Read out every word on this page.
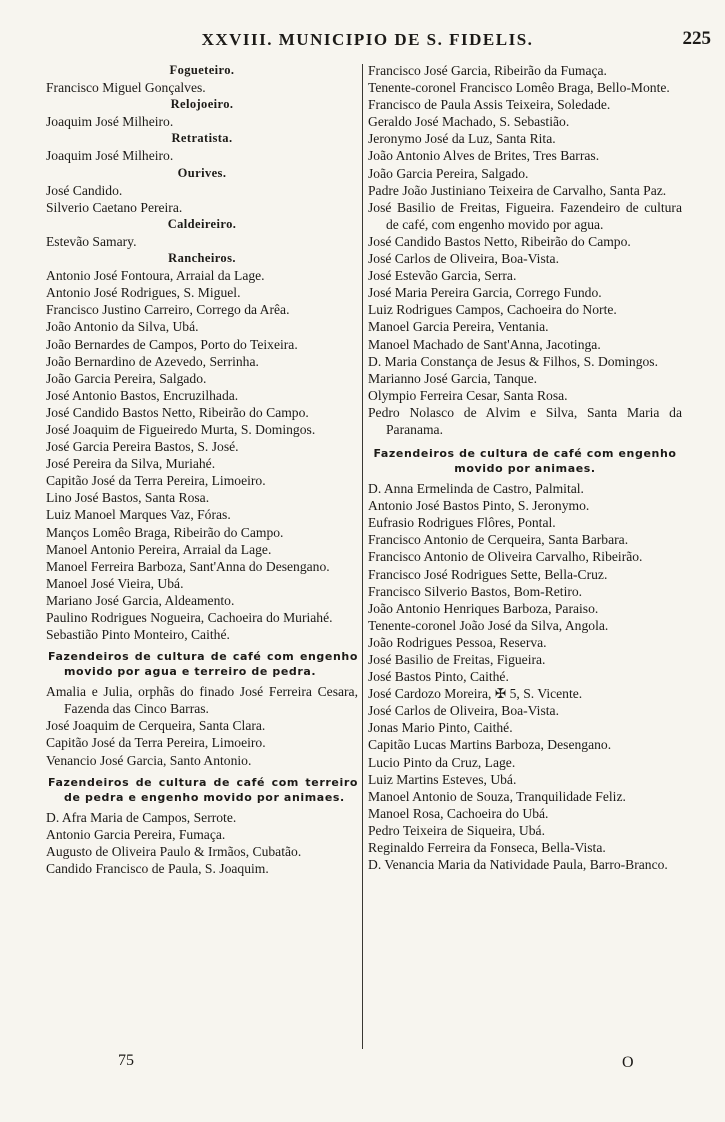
XXVIII. MUNICIPIO DE S. FIDELIS.	225
Fogueteiro.
Francisco Miguel Gonçalves.
Relojoeiro.
Joaquim José Milheiro.
Retratista.
Joaquim José Milheiro.
Ourives.
José Candido.
Silverio Caetano Pereira.
Caldeireiro.
Estevão Samary.
Rancheiros.
Antonio José Fontoura, Arraial da Lage.
Antonio José Rodrigues, S. Miguel.
Francisco Justino Carreiro, Corrego da Arêa.
João Antonio da Silva, Ubá.
João Bernardes de Campos, Porto do Teixeira.
João Bernardino de Azevedo, Serrinha.
João Garcia Pereira, Salgado.
José Antonio Bastos, Encruzilhada.
José Candido Bastos Netto, Ribeirão do Campo.
José Joaquim de Figueiredo Murta, S. Domingos.
José Garcia Pereira Bastos, S. José.
José Pereira da Silva, Muriahé.
Capitão José da Terra Pereira, Limoeiro.
Lino José Bastos, Santa Rosa.
Luiz Manoel Marques Vaz, Fóras.
Manços Lomêo Braga, Ribeirão do Campo.
Manoel Antonio Pereira, Arraial da Lage.
Manoel Ferreira Barboza, Sant'Anna do Desengano.
Manoel José Vieira, Ubá.
Mariano José Garcia, Aldeamento.
Paulino Rodrigues Nogueira, Cachoeira do Muriahé.
Sebastião Pinto Monteiro, Caithé.
Fazendeiros de cultura de café com engenho movido por agua e terreiro de pedra.
Amalia e Julia, orphãs do finado José Ferreira Cesara, Fazenda das Cinco Barras.
José Joaquim de Cerqueira, Santa Clara.
Capitão José da Terra Pereira, Limoeiro.
Venancio José Garcia, Santo Antonio.
Fazendeiros de cultura de café com terreiro de pedra e engenho movido por animaes.
D. Afra Maria de Campos, Serrote.
Antonio Garcia Pereira, Fumaça.
Augusto de Oliveira Paulo & Irmãos, Cubatão.
Candido Francisco de Paula, S. Joaquim.
Francisco José Garcia, Ribeirão da Fumaça.
Tenente-coronel Francisco Lomêo Braga, Bello-Monte.
Francisco de Paula Assis Teixeira, Soledade.
Geraldo José Machado, S. Sebastião.
Jeronymo José da Luz, Santa Rita.
João Antonio Alves de Brites, Tres Barras.
João Garcia Pereira, Salgado.
Padre João Justiniano Teixeira de Carvalho, Santa Paz.
José Basilio de Freitas, Figueira. Fazendeiro de cultura de café, com engenho movido por agua.
José Candido Bastos Netto, Ribeirão do Campo.
José Carlos de Oliveira, Boa-Vista.
José Estevão Garcia, Serra.
José Maria Pereira Garcia, Corrego Fundo.
Luiz Rodrigues Campos, Cachoeira do Norte.
Manoel Garcia Pereira, Ventania.
Manoel Machado de Sant'Anna, Jacotinga.
D. Maria Constança de Jesus & Filhos, S. Domingos.
Marianno José Garcia, Tanque.
Olympio Ferreira Cesar, Santa Rosa.
Pedro Nolasco de Alvim e Silva, Santa Maria da Paranama.
Fazendeiros de cultura de café com engenho movido por animaes.
D. Anna Ermelinda de Castro, Palmital.
Antonio José Bastos Pinto, S. Jeronymo.
Eufrasio Rodrigues Flôres, Pontal.
Francisco Antonio de Cerqueira, Santa Barbara.
Francisco Antonio de Oliveira Carvalho, Ribeirão.
Francisco José Rodrigues Sette, Bella-Cruz.
Francisco Silverio Bastos, Bom-Retiro.
João Antonio Henriques Barboza, Paraiso.
Tenente-coronel João José da Silva, Angola.
João Rodrigues Pessoa, Reserva.
José Basilio de Freitas, Figueira.
José Bastos Pinto, Caithé.
José Cardozo Moreira, ✠ 5, S. Vicente.
José Carlos de Oliveira, Boa-Vista.
Jonas Mario Pinto, Caithé.
Capitão Lucas Martins Barboza, Desengano.
Lucio Pinto da Cruz, Lage.
Luiz Martins Esteves, Ubá.
Manoel Antonio de Souza, Tranquilidade Feliz.
Manoel Rosa, Cachoeira do Ubá.
Pedro Teixeira de Siqueira, Ubá.
Reginaldo Ferreira da Fonseca, Bella-Vista.
D. Venancia Maria da Natividade Paula, Barro-Branco.
75	O
